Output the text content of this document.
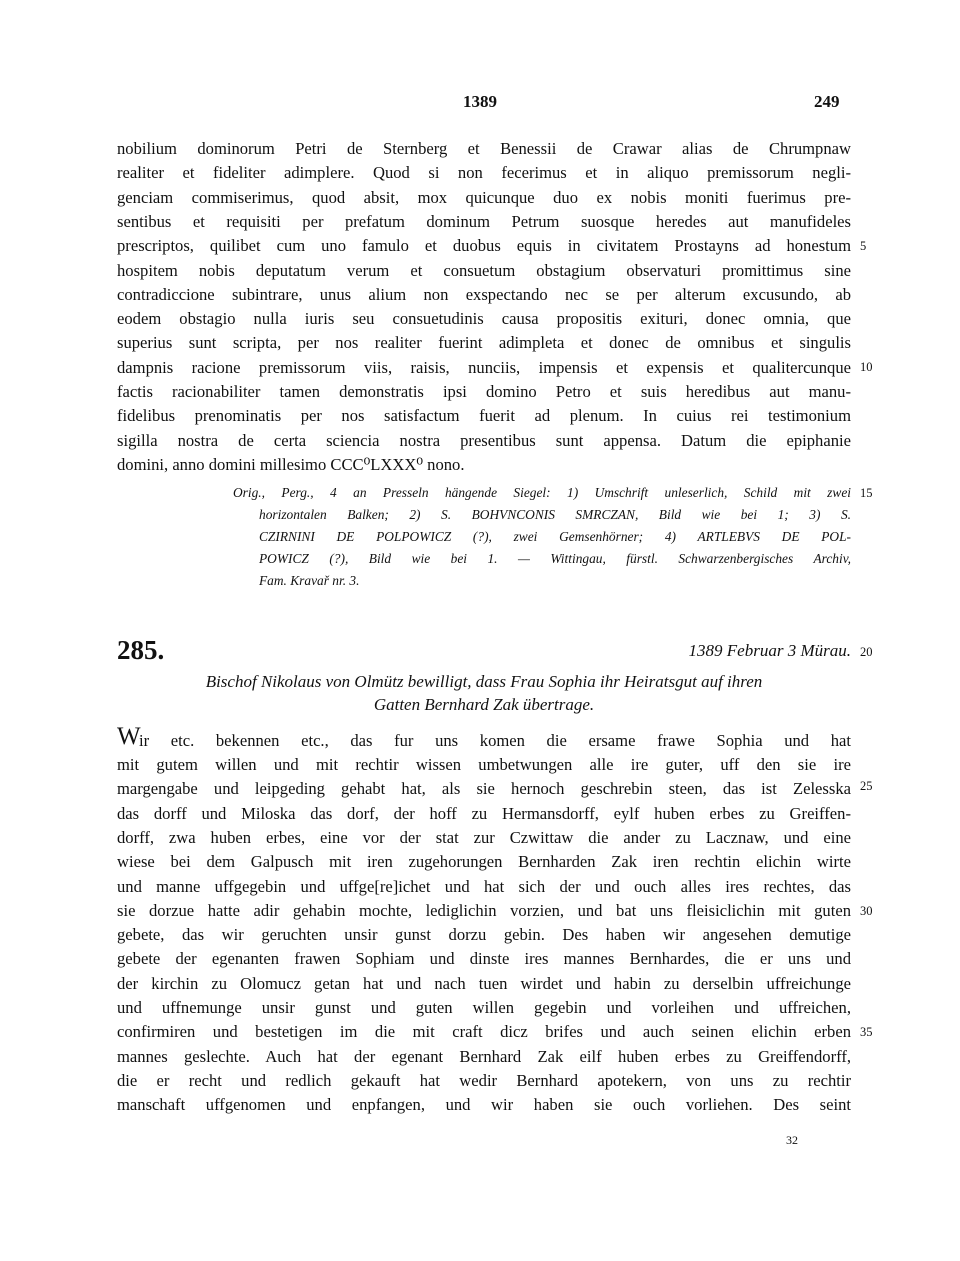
1389	249
nobilium dominorum Petri de Sternberg et Benessii de Crawar alias de Chrumpnaw
realiter et fideliter adimplere. Quod si non fecerimus et in aliquo premissorum negli-
genciam commiserimus, quod absit, mox quicunque duo ex nobis moniti fuerimus pre-
sentibus et requisiti per prefatum dominum Petrum suosque heredes aut manufideles
prescriptos, quilibet cum uno famulo et duobus equis in civitatem Prostayns ad honestum
hospitem nobis deputatum verum et consuetum obstagium observaturi promittimus sine
contradiccione subintrare, unus alium non exspectando nec se per alterum excusundo, ab
eodem obstagio nulla iuris seu consuetudinis causa propositis exituri, donec omnia, que
superius sunt scripta, per nos realiter fuerint adimpleta et donec de omnibus et singulis
dampnis racione premissorum viis, raisis, nunciis, impensis et expensis et qualitercunque
factis racionabiliter tamen demonstratis ipsi domino Petro et suis heredibus aut manu-
fidelibus prenominatis per nos satisfactum fuerit ad plenum. In cuius rei testimonium
sigilla nostra de certa sciencia nostra presentibus sunt appensa. Datum die epiphanie
domini, anno domini millesimo CCC⁰LXXX⁰ nono.
5
10
Orig., Perg., 4 an Presseln hängende Siegel: 1) Umschrift unleserlich, Schild mit zwei
horizontalen Balken; 2) S. BOHVNCONIS SMRCZAN, Bild wie bei 1; 3) S.
CZIRNINI DE POLPOWICZ (?), zwei Gemsenhörner; 4) ARTLEBVS DE POL-
POWICZ (?), Bild wie bei 1. — Wittingau, fürstl. Schwarzenbergisches Archiv,
Fam. Kravař nr. 3.
15
285.	1389 Februar 3 Mürau. 20
Bischof Nikolaus von Olmütz bewilligt, dass Frau Sophia ihr Heiratsgut auf ihren
Gatten Bernhard Zak übertrage.
W
ir etc. bekennen etc., das fur uns komen die ersame frawe Sophia und hat
mit gutem willen und mit rechtir wissen umbetwungen alle ire guter, uff den sie ire
margengabe und leipgeding gehabt hat, als sie hernoch geschrebin steen, das ist Zelesska
das dorff und Miloska das dorf, der hoff zu Hermansdorff, eylf huben erbes zu Greiffen-
dorff, zwa huben erbes, eine vor der stat zur Czwittaw die ander zu Lacznaw, und eine
wiese bei dem Galpusch mit iren zugehorungen Bernharden Zak iren rechtin elichin wirte
und manne uffgegebin und uffge[re]ichet und hat sich der und ouch alles ires rechtes, das
sie dorzue hatte adir gehabin mochte, lediglichin vorzien, und bat uns fleisiclichin mit guten
gebete, das wir geruchten unsir gunst dorzu gebin. Des haben wir angesehen demutige
gebete der egenanten frawen Sophiam und dinste ires mannes Bernhardes, die er uns und
der kirchin zu Olomucz getan hat und nach tuen wirdet und habin zu derselbin uffreichunge
und uffnemunge unsir gunst und guten willen gegebin und vorleihen und uffreichen,
confirmiren und bestetigen im die mit craft dicz brifes und auch seinen elichin erben
mannes geslechte. Auch hat der egenant Bernhard Zak eilf huben erbes zu Greiffendorff,
die er recht und redlich gekauft hat wedir Bernhard apotekern, von uns zu rechtir
manschaft uffgenomen und enpfangen, und wir haben sie ouch vorliehen. Des seint
25
30
35
32
